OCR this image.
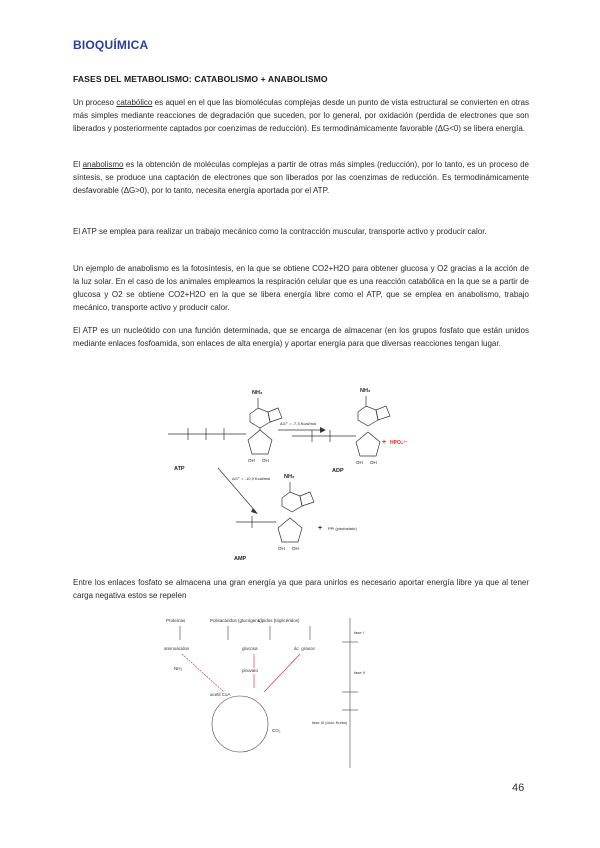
BIOQUÍMICA
FASES DEL METABOLISMO: CATABOLISMO + ANABOLISMO

Un proceso catabólico es aquel en el que las biomoléculas complejas desde un punto de vista estructural se convierten en otras más simples mediante reacciones de degradación que suceden, por lo general, por oxidación (perdida de electrones que son liberados y posteriormente captados por coenzimas de reducción). Es termodinámicamente favorable (ΔG<0) se libera energía.

El anabolismo es la obtención de moléculas complejas a partir de otras más simples (reducción), por lo tanto, es un proceso de síntesis, se produce una captación de electrones que son liberados por las coenzimas de reducción. Es termodinámicamente desfavorable (ΔG>0), por lo tanto, necesita energía aportada por el ATP.

El ATP se emplea para realizar un trabajo mecánico como la contracción muscular, transporte activo y producir calor.

Un ejemplo de anabolismo es la fotosíntesis, en la que se obtiene CO2+H2O para obtener glucosa y O2 gracias a la acción de la luz solar. En el caso de los animales empleamos la respiración celular que es una reacción catabólica en la que se a partir de glucosa y O2 se obtiene CO2+H2O en la que se libera energía libre como el ATP, que se emplea en anabolismo, trabajo mecánico, transporte activo y producir calor.

El ATP es un nucleótido con una función determinada, que se encarga de almacenar (en los grupos fosfato que están unidos mediante enlaces fosfoamida, son enlaces de alta energía) y aportar energía para que diversas reacciones tengan lugar.

NH₂	NH₂
NH₂
ΔG°' = -7,3 Kcal/mol
ΔG°' = -10,9 Kcal/mol
OH OH	OH OH
OH OH
ATP	ADP
AMP
+ HPO₄²⁻
+ PPi (pirofosfato)

Entre los enlaces fosfato se almacena una gran energía ya que para unirlos es necesario aportar energía libre ya que al tener carga negativa estos se repelen

Proteínas	Polisacáridos (glucógeno)
Lípidos (triglicéridos)
aminoácidos	glucosa	ác. grasos
piruvato
NH₃
acetil CoA
CO₂
fase I
fase II
fase III (ciclo Krebs)
46
